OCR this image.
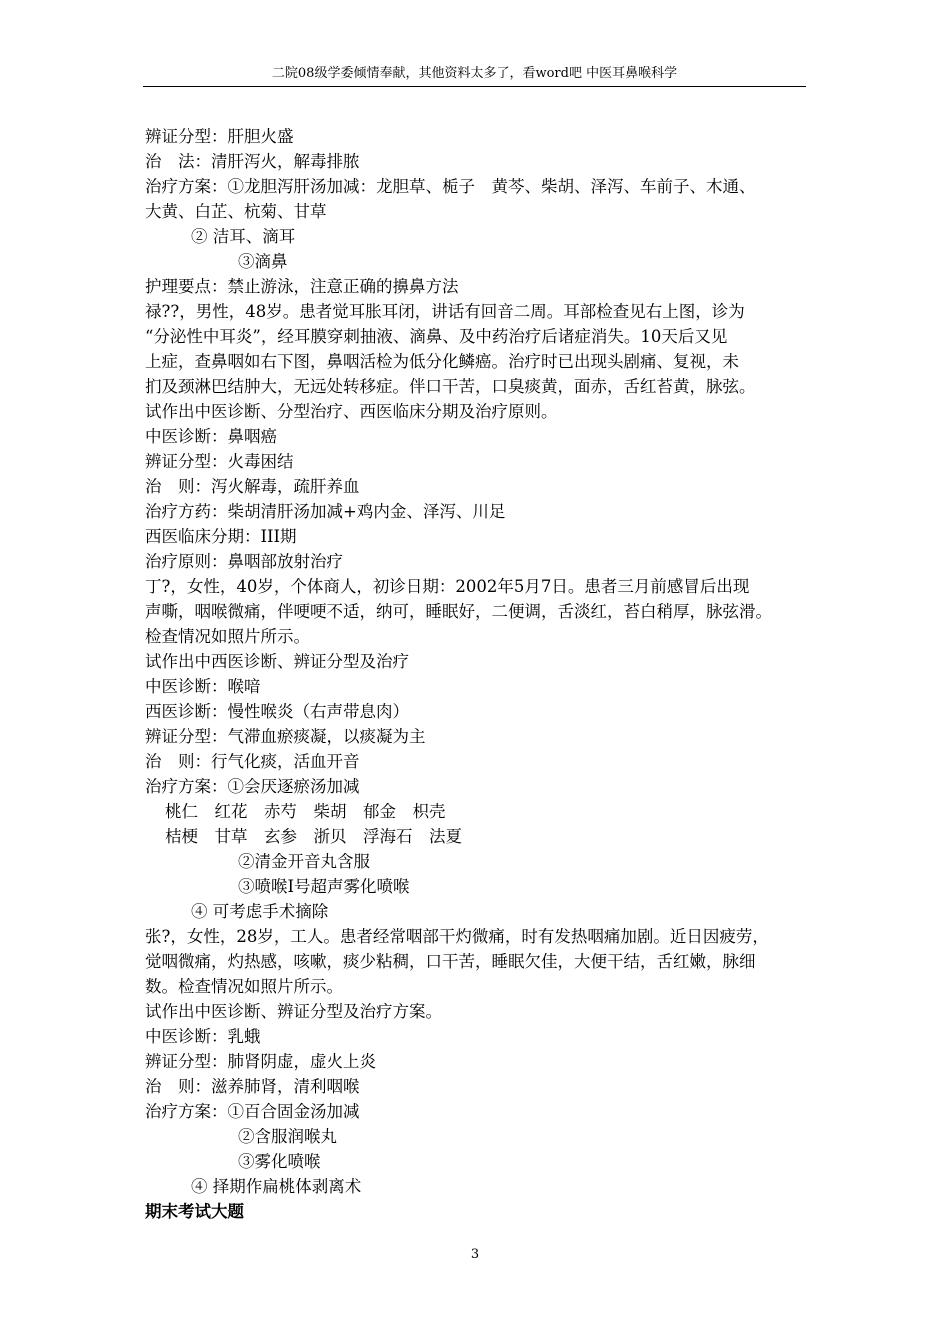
二院08级学委倾情奉献，其他资料太多了，看word吧 中医耳鼻喉科学
辨证分型：肝胆火盛
治　法：清肝泻火，解毒排脓
治疗方案：①龙胆泻肝汤加减：龙胆草、栀子　黄芩、柴胡、泽泻、车前子、木通、
大黄、白芷、杭菊、甘草
② 洁耳、滴耳
③滴鼻
护理要点：禁止游泳，注意正确的擤鼻方法
禄??，男性，48岁。患者觉耳胀耳闭，讲话有回音二周。耳部检查见右上图，诊为
“分泌性中耳炎”，经耳膜穿刺抽液、滴鼻、及中药治疗后诸症消失。10天后又见
上症，查鼻咽如右下图，鼻咽活检为低分化鳞癌。治疗时已出现头剧痛、复视，未
扪及颈淋巴结肿大，无远处转移症。伴口干苦，口臭痰黄，面赤，舌红苔黄，脉弦。
试作出中医诊断、分型治疗、西医临床分期及治疗原则。
中医诊断：鼻咽癌
辨证分型：火毒困结
治　则：泻火解毒，疏肝养血
治疗方药：柴胡清肝汤加减+鸡内金、泽泻、川足
西医临床分期：III期
治疗原则：鼻咽部放射治疗
丁?，女性，40岁，个体商人，初诊日期：2002年5月7日。患者三月前感冒后出现
声嘶，咽喉微痛，伴哽哽不适，纳可，睡眠好，二便调，舌淡红，苔白稍厚，脉弦滑。
检查情况如照片所示。
试作出中西医诊断、辨证分型及治疗
中医诊断：喉喑
西医诊断：慢性喉炎（右声带息肉）
辨证分型：气滞血瘀痰凝，以痰凝为主
治　则：行气化痰，活血开音
治疗方案：①会厌逐瘀汤加减
桃仁　红花　赤芍　柴胡　郁金　枳壳
桔梗　甘草　玄参　浙贝　浮海石　法夏
②清金开音丸含服
③喷喉Ⅰ号超声雾化喷喉
④ 可考虑手术摘除
张?，女性，28岁，工人。患者经常咽部干灼微痛，时有发热咽痛加剧。近日因疲劳，
觉咽微痛，灼热感，咳嗽，痰少粘稠，口干苦，睡眠欠佳，大便干结，舌红嫩，脉细
数。检查情况如照片所示。
试作出中医诊断、辨证分型及治疗方案。
中医诊断：乳蛾
辨证分型：肺肾阴虚，虚火上炎
治　则：滋养肺肾，清利咽喉
治疗方案：①百合固金汤加减
②含服润喉丸
③雾化喷喉
④ 择期作扁桃体剥离术
期末考试大题
3
